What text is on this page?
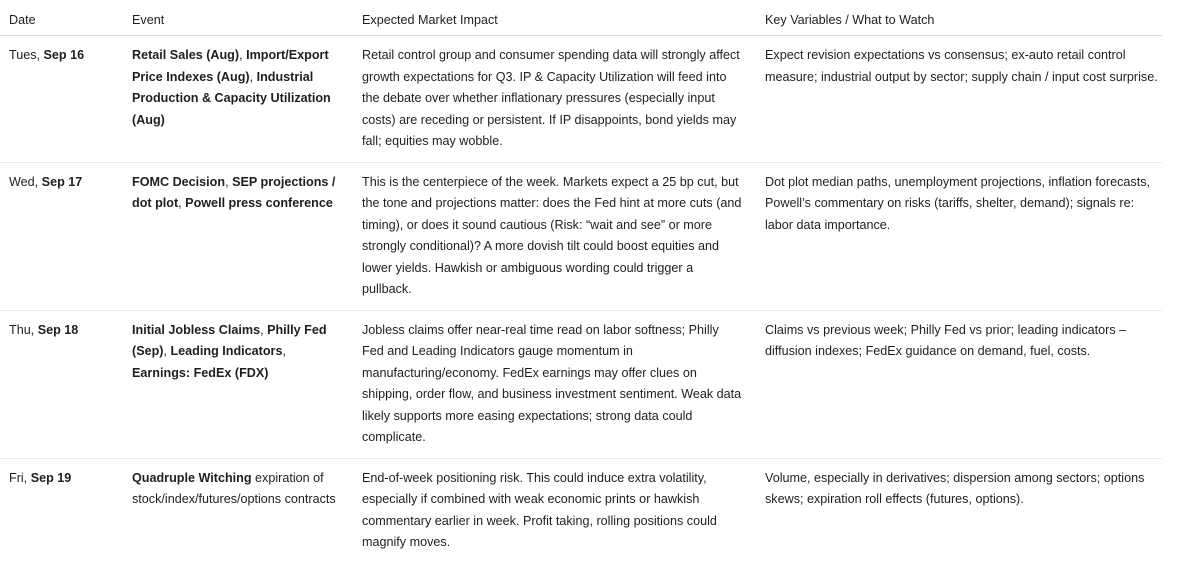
Date	Event	Expected Market Impact	Key Variables / What to Watch
Tues, Sep 16	Retail Sales (Aug), Import/Export Price Indexes (Aug), Industrial Production & Capacity Utilization (Aug)	Retail control group and consumer spending data will strongly affect growth expectations for Q3. IP & Capacity Utilization will feed into the debate over whether inflationary pressures (especially input costs) are receding or persistent. If IP disappoints, bond yields may fall; equities may wobble.	Expect revision expectations vs consensus; ex-auto retail control measure; industrial output by sector; supply chain / input cost surprise.
Wed, Sep 17	FOMC Decision, SEP projections / dot plot, Powell press conference	This is the centerpiece of the week. Markets expect a 25 bp cut, but the tone and projections matter: does the Fed hint at more cuts (and timing), or does it sound cautious (Risk: “wait and see” or more strongly conditional)? A more dovish tilt could boost equities and lower yields. Hawkish or ambiguous wording could trigger a pullback.	Dot plot median paths, unemployment projections, inflation forecasts, Powell’s commentary on risks (tariffs, shelter, demand); signals re: labor data importance.
Thu, Sep 18	Initial Jobless Claims, Philly Fed (Sep), Leading Indicators, Earnings: FedEx (FDX)	Jobless claims offer near-real time read on labor softness; Philly Fed and Leading Indicators gauge momentum in manufacturing/economy. FedEx earnings may offer clues on shipping, order flow, and business investment sentiment. Weak data likely supports more easing expectations; strong data could complicate.	Claims vs previous week; Philly Fed vs prior; leading indicators – diffusion indexes; FedEx guidance on demand, fuel, costs.
Fri, Sep 19	Quadruple Witching expiration of stock/index/futures/options contracts	End-of-week positioning risk. This could induce extra volatility, especially if combined with weak economic prints or hawkish commentary earlier in week. Profit taking, rolling positions could magnify moves.	Volume, especially in derivatives; dispersion among sectors; options skews; expiration roll effects (futures, options).
